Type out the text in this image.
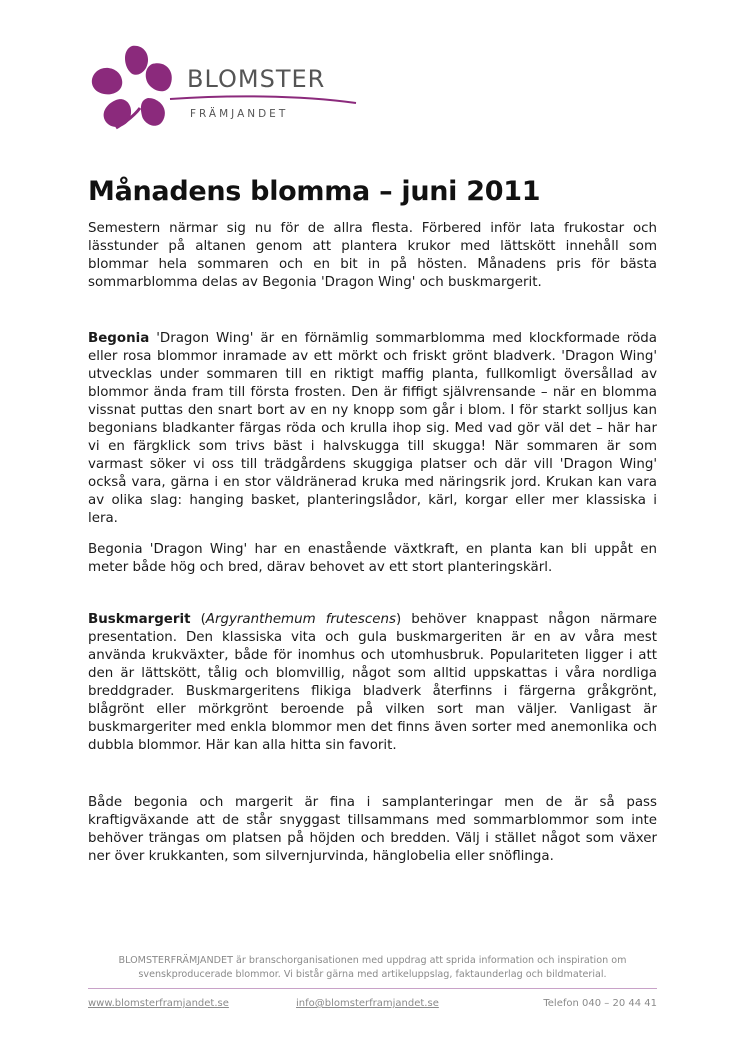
BLOMSTER
FRÄMJANDET
Månadens blomma – juni 2011

Semestern närmar sig nu för de allra flesta. Förbered inför lata frukostar och lässtunder på altanen genom att plantera krukor med lättskött innehåll som blommar hela sommaren och en bit in på hösten. Månadens pris för bästa sommarblomma delas av Begonia 'Dragon Wing' och buskmargerit.

Begonia 'Dragon Wing' är en förnämlig sommarblomma med klockformade röda eller rosa blommor inramade av ett mörkt och friskt grönt bladverk. 'Dragon Wing' utvecklas under sommaren till en riktigt maffig planta, fullkomligt översållad av blommor ända fram till första frosten. Den är fiffigt självrensande – när en blomma vissnat puttas den snart bort av en ny knopp som går i blom. I för starkt solljus kan begonians bladkanter färgas röda och krulla ihop sig. Med vad gör väl det – här har vi en färgklick som trivs bäst i halvskugga till skugga! När sommaren är som varmast söker vi oss till trädgårdens skuggiga platser och där vill 'Dragon Wing' också vara, gärna i en stor väldränerad kruka med näringsrik jord. Krukan kan vara av olika slag: hanging basket, planteringslådor, kärl, korgar eller mer klassiska i lera.

Begonia 'Dragon Wing' har en enastående växtkraft, en planta kan bli uppåt en meter både hög och bred, därav behovet av ett stort planteringskärl.

Buskmargerit (Argyranthemum frutescens) behöver knappast någon närmare presentation. Den klassiska vita och gula buskmargeriten är en av våra mest använda krukväxter, både för inomhus och utomhusbruk. Populariteten ligger i att den är lättskött, tålig och blomvillig, något som alltid uppskattas i våra nordliga breddgrader. Buskmargeritens flikiga bladverk återfinns i färgerna gråkgrönt, blågrönt eller mörkgrönt beroende på vilken sort man väljer. Vanligast är buskmargeriter med enkla blommor men det finns även sorter med anemonlika och dubbla blommor. Här kan alla hitta sin favorit.

Både begonia och margerit är fina i samplanteringar men de är så pass kraftigväxande att de står snyggast tillsammans med sommarblommor som inte behöver trängas om platsen på höjden och bredden. Välj i stället något som växer ner över krukkanten, som silvernjurvinda, hänglobelia eller snöflinga.

BLOMSTERFRÄMJANDET är branschorganisationen med uppdrag att sprida information och inspiration om svenskproducerade blommor. Vi bistår gärna med artikeluppslag, faktaunderlag och bildmaterial.

www.blomsterframjandet.se	info@blomsterframjandet.se	Telefon 040 – 20 44 41
